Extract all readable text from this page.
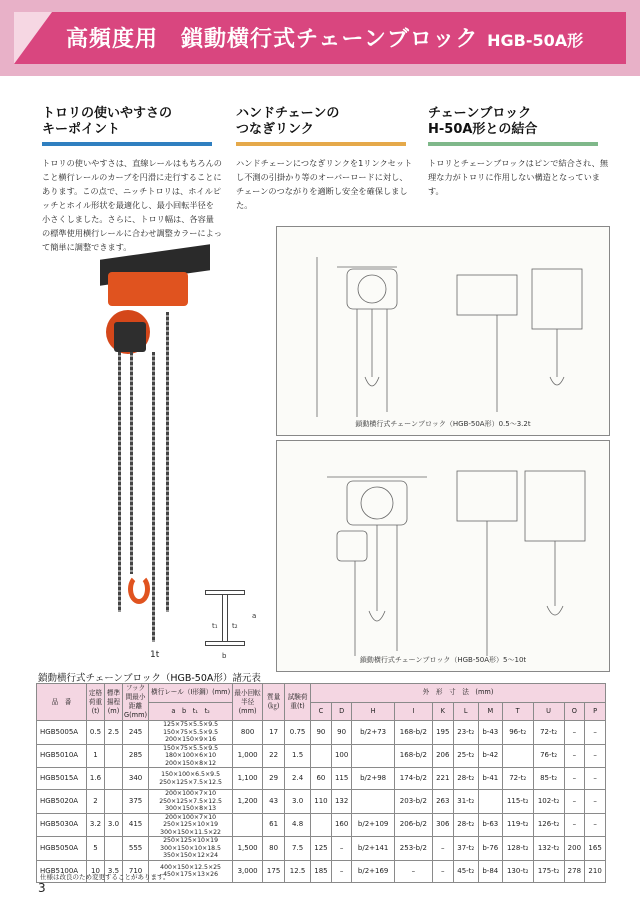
高頻度用　鎖動横行式チェーンブロック HGB-50A形
トロリの使いやすさの
キーポイント
トロリの使いやすさは、直線レールはもちろんのこと横行レールのカーブを円滑に走行することにあります。この点で、ニッチトロリは、ホイルピッチとホイル形状を最適化し、最小回転半径を小さくしました。さらに、トロリ幅は、各容量の標準使用横行レールに合わせ調整カラーによって簡単に調整できます。
ハンドチェーンの
つなぎリンク
ハンドチェーンにつなぎリンクを1リンクセットし不測の引掛かり等のオーバーロードに対し、チェーンのつながりを適断し安全を確保しました。
チェーンブロック
H-50A形との結合
トロリとチェーンブロックはピンで結合され、無理な力がトロリに作用しない構造となっています。
1t
a
b
t₁ t₂
鎖動横行式チェーンブロック（HGB-50A形）0.5〜3.2t
鎖動横行式チェーンブロック（HGB-50A形）5〜10t
鎖動横行式チェーンブロック（HGB-50A形）諸元表
品　番	定格荷重(t)	標準揚程(m)	フック間最小距離G(mm)	横行レール（I形鋼）(mm)	最小回転半径(mm)	質量(㎏)	試験荷重(t)	外　形　寸　法　(mm)										
				a　b　t₁　t₂				C	D	H	I	K	L	M	T	U	O	P
HGB5005A	0.5	2.5	245	125×75×5.5×9.5
150×75×5.5×9.5
200×150×9×16	800	17	0.75	90	90	b/2+73	168-b/2	195	23-t₂	b-43	96-t₂	72-t₂	–	–
HGB5010A	1		285	150×75×5.5×9.5
180×100×6×10
200×150×8×12	1,000	22	1.5		100		168-b/2	206	25-t₂	b-42		76-t₂	–	–
HGB5015A	1.6		340	150×100×6.5×9.5
250×125×7.5×12.5	1,100	29	2.4	60	115	b/2+98	174-b/2	221	28-t₂	b-41	72-t₂	85-t₂	–	–
HGB5020A	2		375	200×100×7×10
250×125×7.5×12.5
300×150×8×13	1,200	43	3.0	110	132		203-b/2	263	31-t₂		115-t₂	102-t₂	–	–
HGB5030A	3.2	3.0	415	200×100×7×10
250×125×10×19
300×150×11.5×22		61	4.8		160	b/2+109	206-b/2	306	28-t₂	b-63	119-t₂	126-t₂	–	–
HGB5050A	5		555	250×125×10×19
300×150×10×18.5
350×150×12×24	1,500	80	7.5	125	–	b/2+141	253-b/2	–	37-t₂	b-76	128-t₂	132-t₂	200	165
HGB5100A	10	3.5	710	400×150×12.5×25
450×175×13×26	3,000	175	12.5	185	–	b/2+169	–	–	45-t₂	b-84	130-t₂	175-t₂	278	210
仕様は改良のため変更することがあります。
3
